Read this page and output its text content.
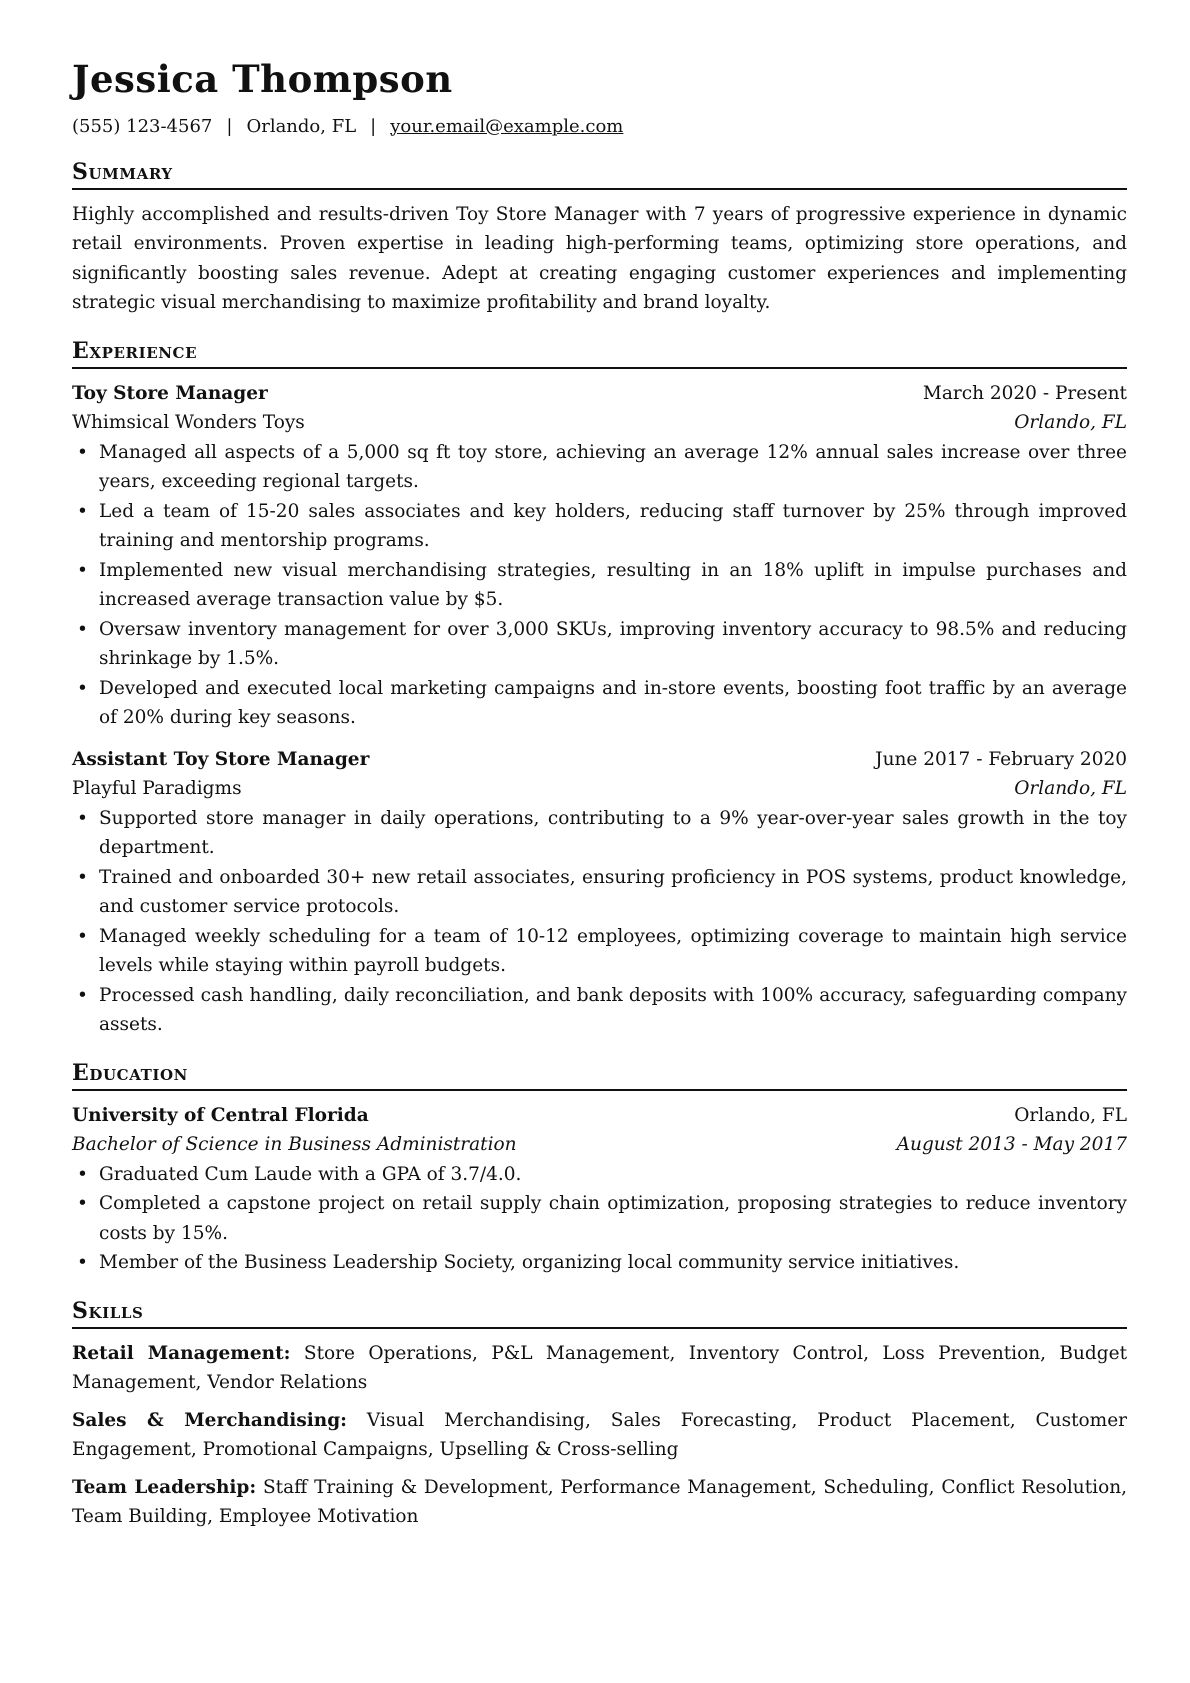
Jessica Thompson
(555) 123-4567 | Orlando, FL | your.email@example.com
Summary

Highly accomplished and results-driven Toy Store Manager with 7 years of progressive experience in dynamic retail environments. Proven expertise in leading high-performing teams, optimizing store operations, and significantly boosting sales revenue. Adept at creating engaging customer experiences and implementing strategic visual merchandising to maximize profitability and brand loyalty.

Experience
Toy Store Manager	March 2020 - Present
Whimsical Wonders Toys	Orlando, FL
• Managed all aspects of a 5,000 sq ft toy store, achieving an average 12% annual sales increase over three years, exceeding regional targets.
• Led a team of 15-20 sales associates and key holders, reducing staff turnover by 25% through improved training and mentorship programs.
• Implemented new visual merchandising strategies, resulting in an 18% uplift in impulse purchases and increased average transaction value by $5.
• Oversaw inventory management for over 3,000 SKUs, improving inventory accuracy to 98.5% and reducing shrinkage by 1.5%.
• Developed and executed local marketing campaigns and in-store events, boosting foot traffic by an average of 20% during key seasons.
Assistant Toy Store Manager	June 2017 - February 2020
Playful Paradigms	Orlando, FL
• Supported store manager in daily operations, contributing to a 9% year-over-year sales growth in the toy department.
• Trained and onboarded 30+ new retail associates, ensuring proficiency in POS systems, product knowledge, and customer service protocols.
• Managed weekly scheduling for a team of 10-12 employees, optimizing coverage to maintain high service levels while staying within payroll budgets.
• Processed cash handling, daily reconciliation, and bank deposits with 100% accuracy, safeguarding company assets.
Education
University of Central Florida	Orlando, FL
Bachelor of Science in Business Administration	August 2013 - May 2017
• Graduated Cum Laude with a GPA of 3.7/4.0.
• Completed a capstone project on retail supply chain optimization, proposing strategies to reduce inventory costs by 15%.
• Member of the Business Leadership Society, organizing local community service initiatives.
Skills

Retail Management: Store Operations, P&L Management, Inventory Control, Loss Prevention, Budget Management, Vendor Relations

Sales & Merchandising: Visual Merchandising, Sales Forecasting, Product Placement, Customer Engagement, Promotional Campaigns, Upselling & Cross-selling

Team Leadership: Staff Training & Development, Performance Management, Scheduling, Conflict Resolution, Team Building, Employee Motivation
